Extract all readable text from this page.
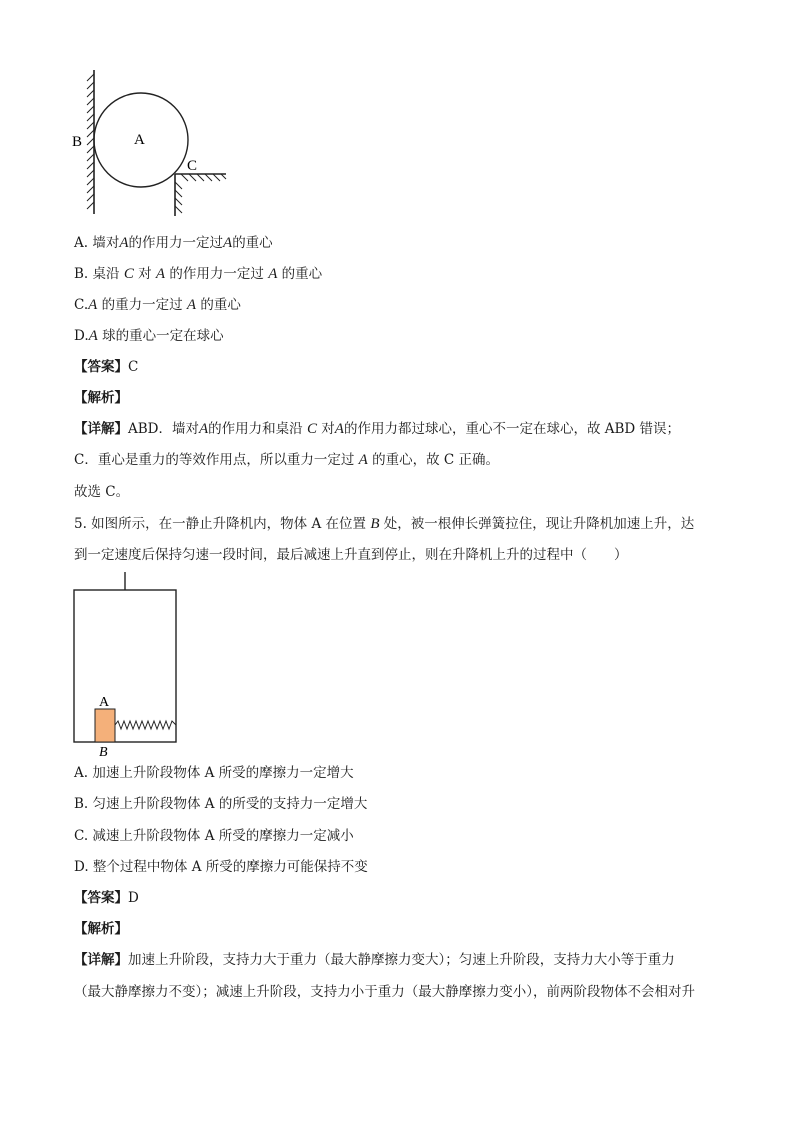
B	A
C
A. 墙对A的作用力一定过A的重心
B. 桌沿 C 对 A 的作用力一定过 A 的重心
C.A 的重力一定过 A 的重心
D.A 球的重心一定在球心
【答案】C
【解析】
【详解】ABD．墙对A的作用力和桌沿 C 对A的作用力都过球心，重心不一定在球心，故 ABD 错误；
C．重心是重力的等效作用点，所以重力一定过 A 的重心，故 C 正确。
故选 C。
5. 如图所示，在一静止升降机内，物体 A 在位置 B 处，被一根伸长弹簧拉住，现让升降机加速上升，达
到一定速度后保持匀速一段时间，最后减速上升直到停止，则在升降机上升的过程中（　　）
A
B
A. 加速上升阶段物体 A 所受的摩擦力一定增大
B. 匀速上升阶段物体 A 的所受的支持力一定增大
C. 减速上升阶段物体 A 所受的摩擦力一定减小
D. 整个过程中物体 A 所受的摩擦力可能保持不变
【答案】D
【解析】
【详解】加速上升阶段，支持力大于重力（最大静摩擦力变大）；匀速上升阶段，支持力大小等于重力
（最大静摩擦力不变）；减速上升阶段，支持力小于重力（最大静摩擦力变小），前两阶段物体不会相对升
